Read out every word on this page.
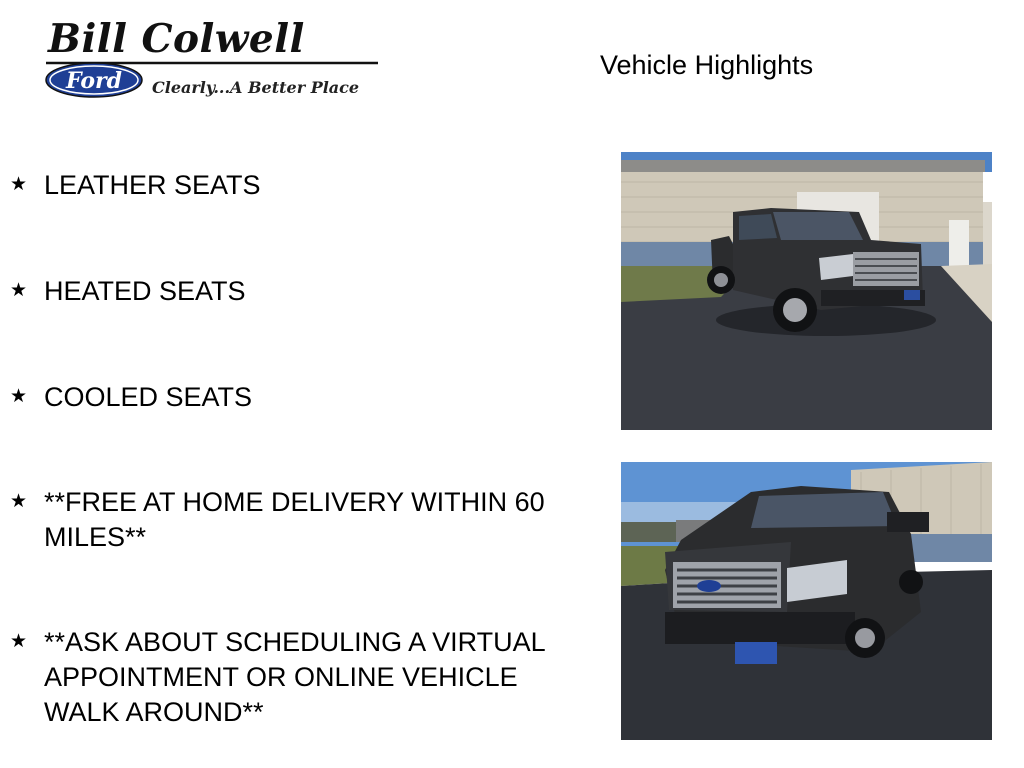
Bill Colwell
Ford Clearly...A Better Place
Vehicle Highlights
★ LEATHER SEATS
★ HEATED SEATS
★ COOLED SEATS
★ **FREE AT HOME DELIVERY WITHIN 60 MILES**
★ **ASK ABOUT SCHEDULING A VIRTUAL APPOINTMENT OR ONLINE VEHICLE WALK AROUND**
